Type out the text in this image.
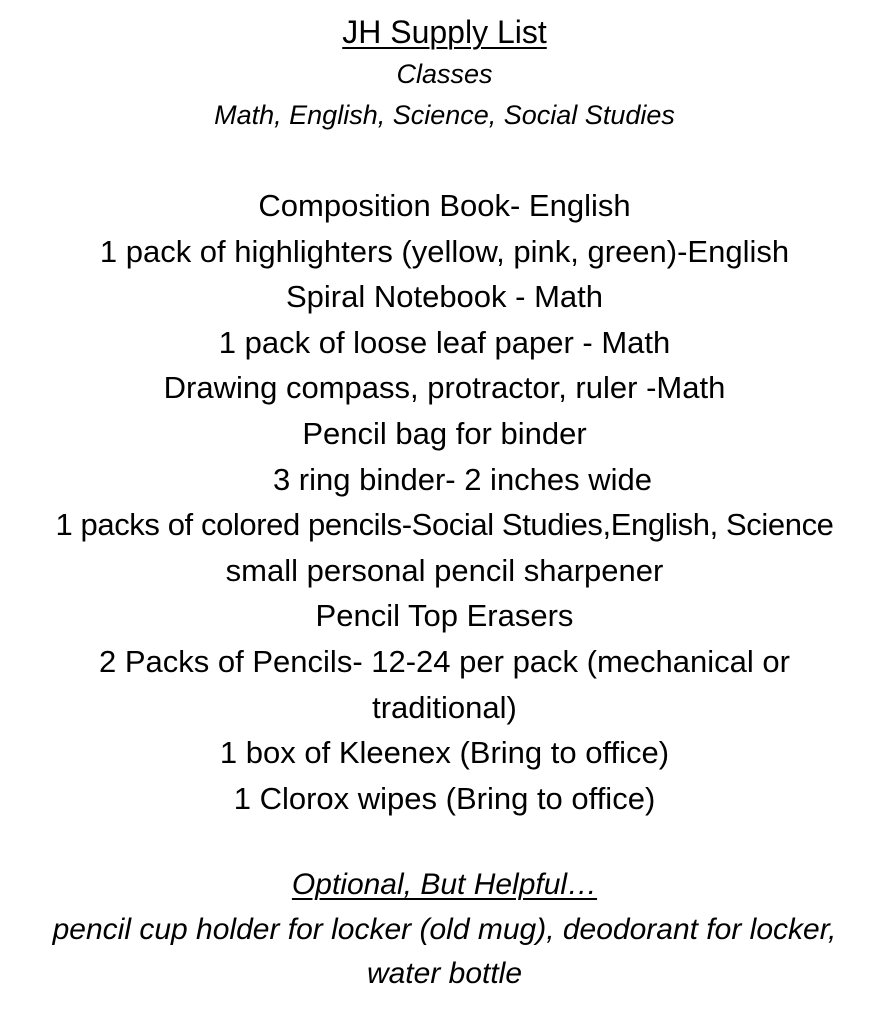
JH Supply List
Classes
Math, English, Science, Social Studies
Composition Book- English
1 pack of highlighters (yellow, pink, green)-English
Spiral Notebook - Math
1 pack of loose leaf paper - Math
Drawing compass, protractor, ruler -Math
Pencil bag for binder
3 ring binder- 2 inches wide
1 packs of colored pencils-Social Studies,English, Science
small personal pencil sharpener
Pencil Top Erasers
2 Packs of Pencils- 12-24 per pack (mechanical or traditional)
1 box of Kleenex (Bring to office)
1 Clorox wipes (Bring to office)
Optional, But Helpful…
pencil cup holder for locker (old mug), deodorant for locker, water bottle
